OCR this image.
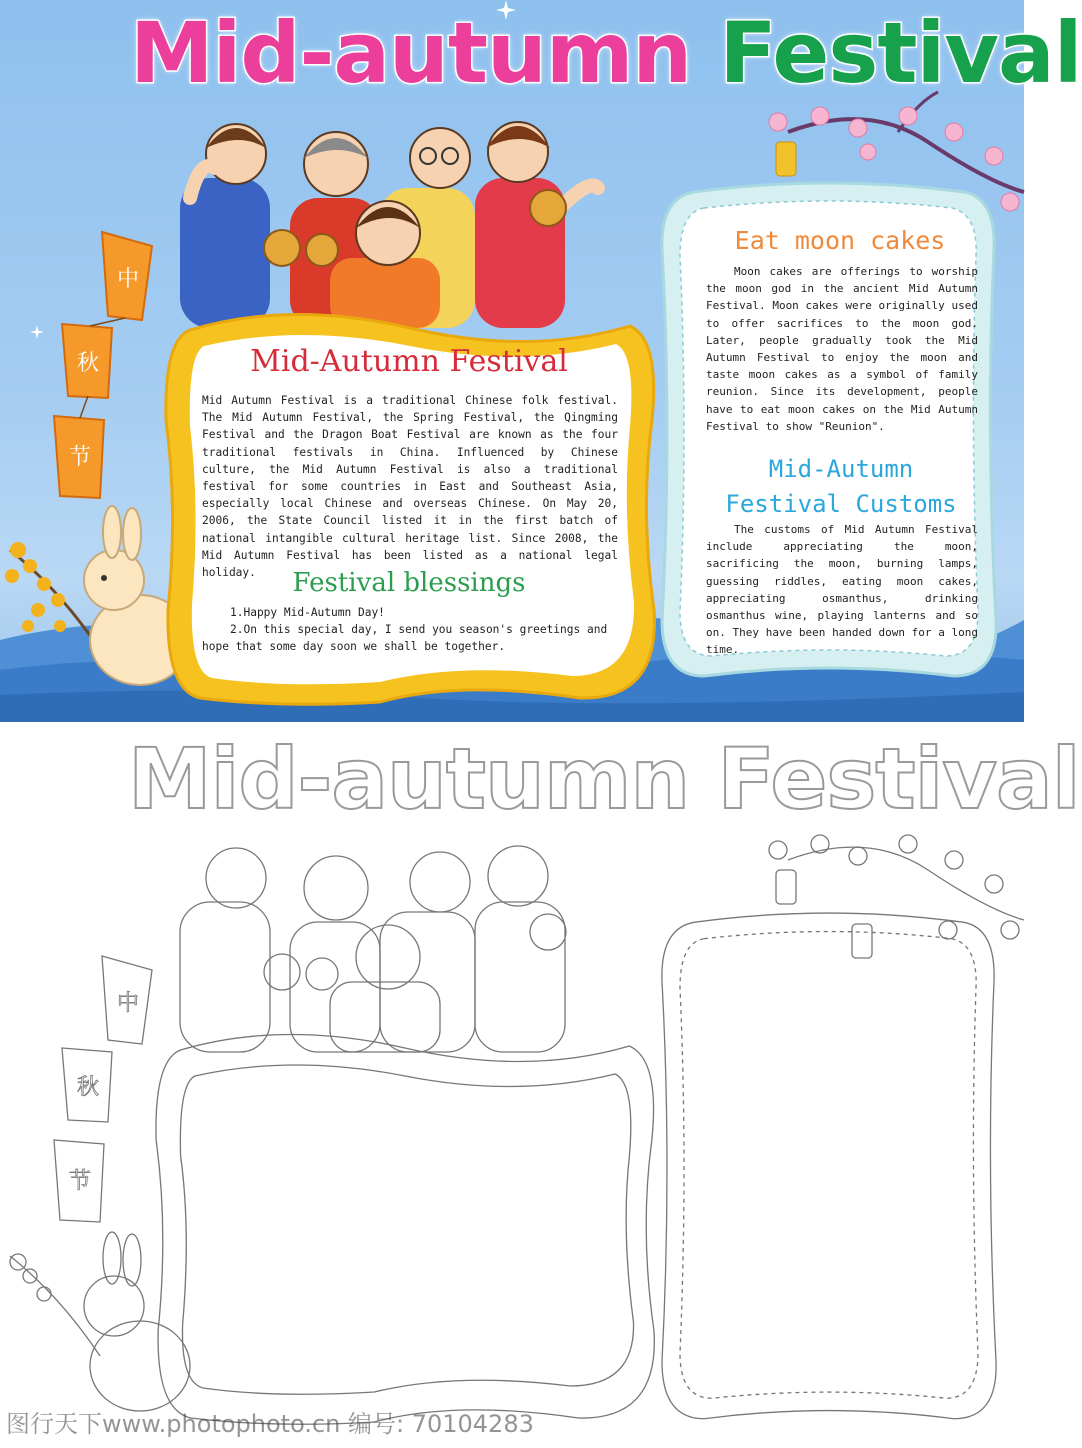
Mid-autumn Festival
中
秋
节
Mid-Autumn Festival
Mid Autumn Festival is a traditional Chinese folk festival. The Mid Autumn Festival, the Spring Festival, the Qingming Festival and the Dragon Boat Festival are known as the four traditional festivals in China. Influenced by Chinese culture, the Mid Autumn Festival is also a traditional festival for some countries in East and Southeast Asia, especially local Chinese and overseas Chinese. On May 20, 2006, the State Council listed it in the first batch of national intangible cultural heritage list. Since 2008, the Mid Autumn Festival has been listed as a national legal holiday.	Festival blessings
1.Happy Mid-Autumn Day!
2.On this special day, I send you season's greetings and hope that some day soon we shall be together.
Eat moon cakes
Moon cakes are offerings to worship the moon god in the ancient Mid Autumn Festival. Moon cakes were originally used to offer sacrifices to the moon god. Later, people gradually took the Mid Autumn Festival to enjoy the moon and taste moon cakes as a symbol of family reunion. Since its development, people have to eat moon cakes on the Mid Autumn Festival to show "Reunion".
Mid-Autumn Festival Customs
The customs of Mid Autumn Festival include appreciating the moon, sacrificing the moon, burning lamps, guessing riddles, eating moon cakes, appreciating osmanthus, drinking osmanthus wine, playing lanterns and so on. They have been handed down for a long time.
Mid-autumn Festival
中
秋
节
图行天下www.photophoto.cn 编号: 70104283
